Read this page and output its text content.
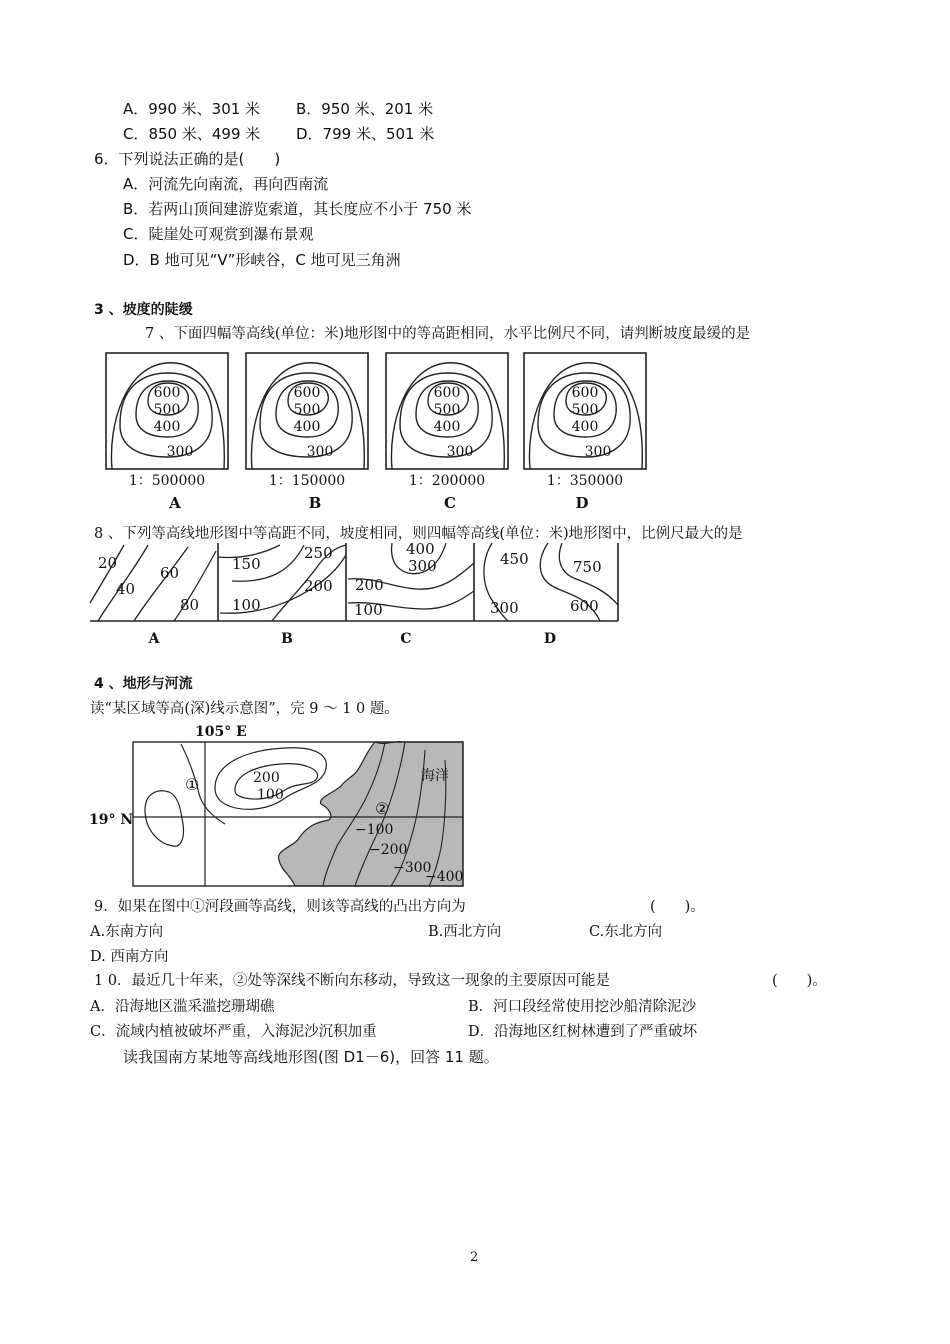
A．990 米、301 米 B．950 米、201 米
C．850 米、499 米 D．799 米、501 米
6．下列说法正确的是(　　)
A．河流先向南流，再向西南流
B．若两山顶间建游览索道，其长度应不小于 750 米
C．陡崖处可观赏到瀑布景观
D．B 地可见“V”形峡谷，C 地可见三角洲
3 、坡度的陡缓
7 、下面四幅等高线(单位：米)地形图中的等高距相同，水平比例尺不同，请判断坡度最缓的是
600
500
400
300
1：500000
A
600
500
400
300
1：150000
B
600
500
400
300
1：200000
C
600
500
400
300
1：350000
D
8 、下列等高线地形图中等高距不同，坡度相同，则四幅等高线(单位：米)地形图中，比例尺最大的是
20
40
60
80
A
150
250
200
100
B
400
300
200
100
C
450	750
300	600
D
4 、地形与河流
读“某区域等高(深)线示意图”，完 9 ～ 1 0 题。
105° E
19° N
海洋
①
②
200
100
−100
−200
−300
−400
9．如果在图中①河段画等高线，则该等高线的凸出方向为	(　　)。
A.东南方向	B.西北方向	C.东北方向
D. 西南方向
1 0．最近几十年来，②处等深线不断向东移动，导致这一现象的主要原因可能是	(　　)。
A．沿海地区滥采滥挖珊瑚礁	B．河口段经常使用挖沙船清除泥沙
C．流域内植被破坏严重，入海泥沙沉积加重	D．沿海地区红树林遭到了严重破坏
读我国南方某地等高线地形图(图 D1－6)，回答 11 题。
2
